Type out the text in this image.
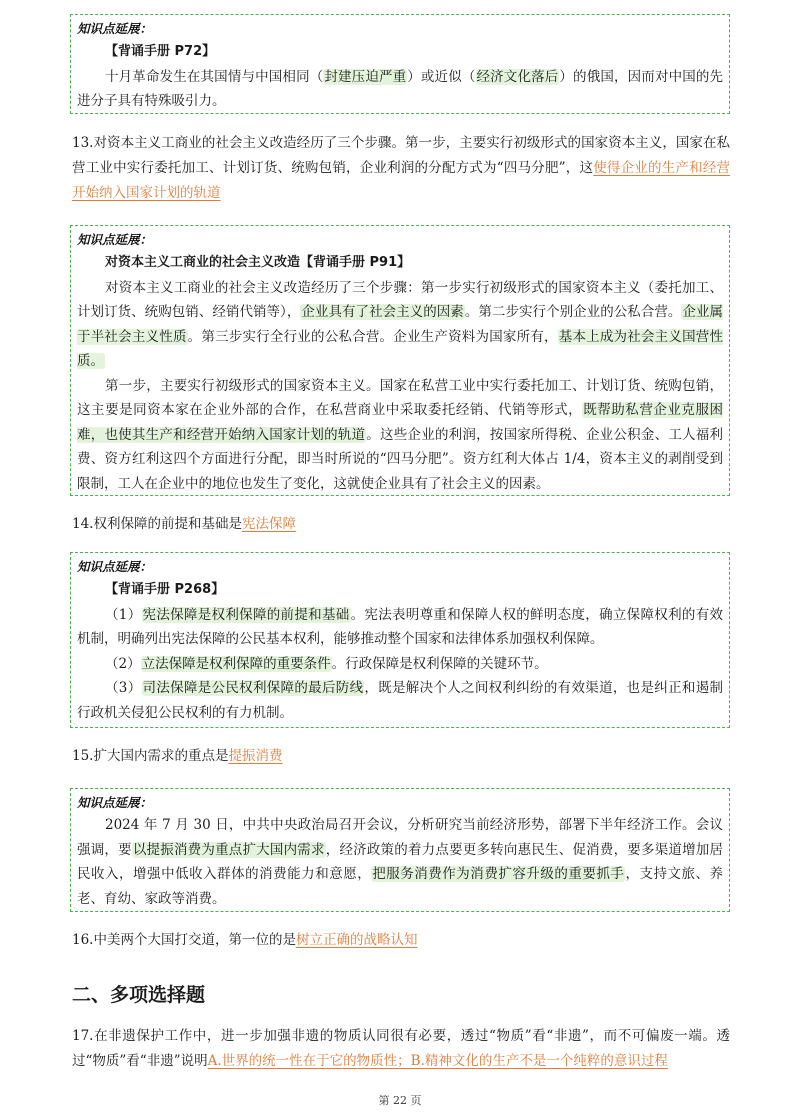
知识点延展：

【背诵手册 P72】

十月革命发生在其国情与中国相同（封建压迫严重）或近似（经济文化落后）的俄国，因而对中国的先进分子具有特殊吸引力。

13.对资本主义工商业的社会主义改造经历了三个步骤。第一步，主要实行初级形式的国家资本主义，国家在私营工业中实行委托加工、计划订货、统购包销，企业利润的分配方式为“四马分肥”，这使得企业的生产和经营开始纳入国家计划的轨道

知识点延展：

对资本主义工商业的社会主义改造【背诵手册 P91】

对资本主义工商业的社会主义改造经历了三个步骤：第一步实行初级形式的国家资本主义（委托加工、计划订货、统购包销、经销代销等），企业具有了社会主义的因素。第二步实行个别企业的公私合营。企业属于半社会主义性质。第三步实行全行业的公私合营。企业生产资料为国家所有，基本上成为社会主义国营性质。

第一步，主要实行初级形式的国家资本主义。国家在私营工业中实行委托加工、计划订货、统购包销，这主要是同资本家在企业外部的合作，在私营商业中采取委托经销、代销等形式，既帮助私营企业克服困难，也使其生产和经营开始纳入国家计划的轨道。这些企业的利润，按国家所得税、企业公积金、工人福利费、资方红利这四个方面进行分配，即当时所说的“四马分肥”。资方红利大体占 1/4，资本主义的剥削受到限制，工人在企业中的地位也发生了变化，这就使企业具有了社会主义的因素。

14.权利保障的前提和基础是宪法保障

知识点延展：

【背诵手册 P268】

（1）宪法保障是权利保障的前提和基础。宪法表明尊重和保障人权的鲜明态度，确立保障权利的有效机制，明确列出宪法保障的公民基本权利，能够推动整个国家和法律体系加强权利保障。

（2）立法保障是权利保障的重要条件。行政保障是权利保障的关键环节。

（3）司法保障是公民权利保障的最后防线，既是解决个人之间权利纠纷的有效渠道，也是纠正和遏制行政机关侵犯公民权利的有力机制。

15.扩大国内需求的重点是提振消费

知识点延展：

2024 年 7 月 30 日，中共中央政治局召开会议，分析研究当前经济形势，部署下半年经济工作。会议强调，要以提振消费为重点扩大国内需求，经济政策的着力点要更多转向惠民生、促消费，要多渠道增加居民收入，增强中低收入群体的消费能力和意愿，把服务消费作为消费扩容升级的重要抓手，支持文旅、养老、育幼、家政等消费。

16.中美两个大国打交道，第一位的是树立正确的战略认知

二、多项选择题

17.在非遗保护工作中，进一步加强非遗的物质认同很有必要，透过“物质”看“非遗”，而不可偏废一端。透过“物质”看“非遗”说明A.世界的统一性在于它的物质性；B.精神文化的生产不是一个纯粹的意识过程

第 22 页
